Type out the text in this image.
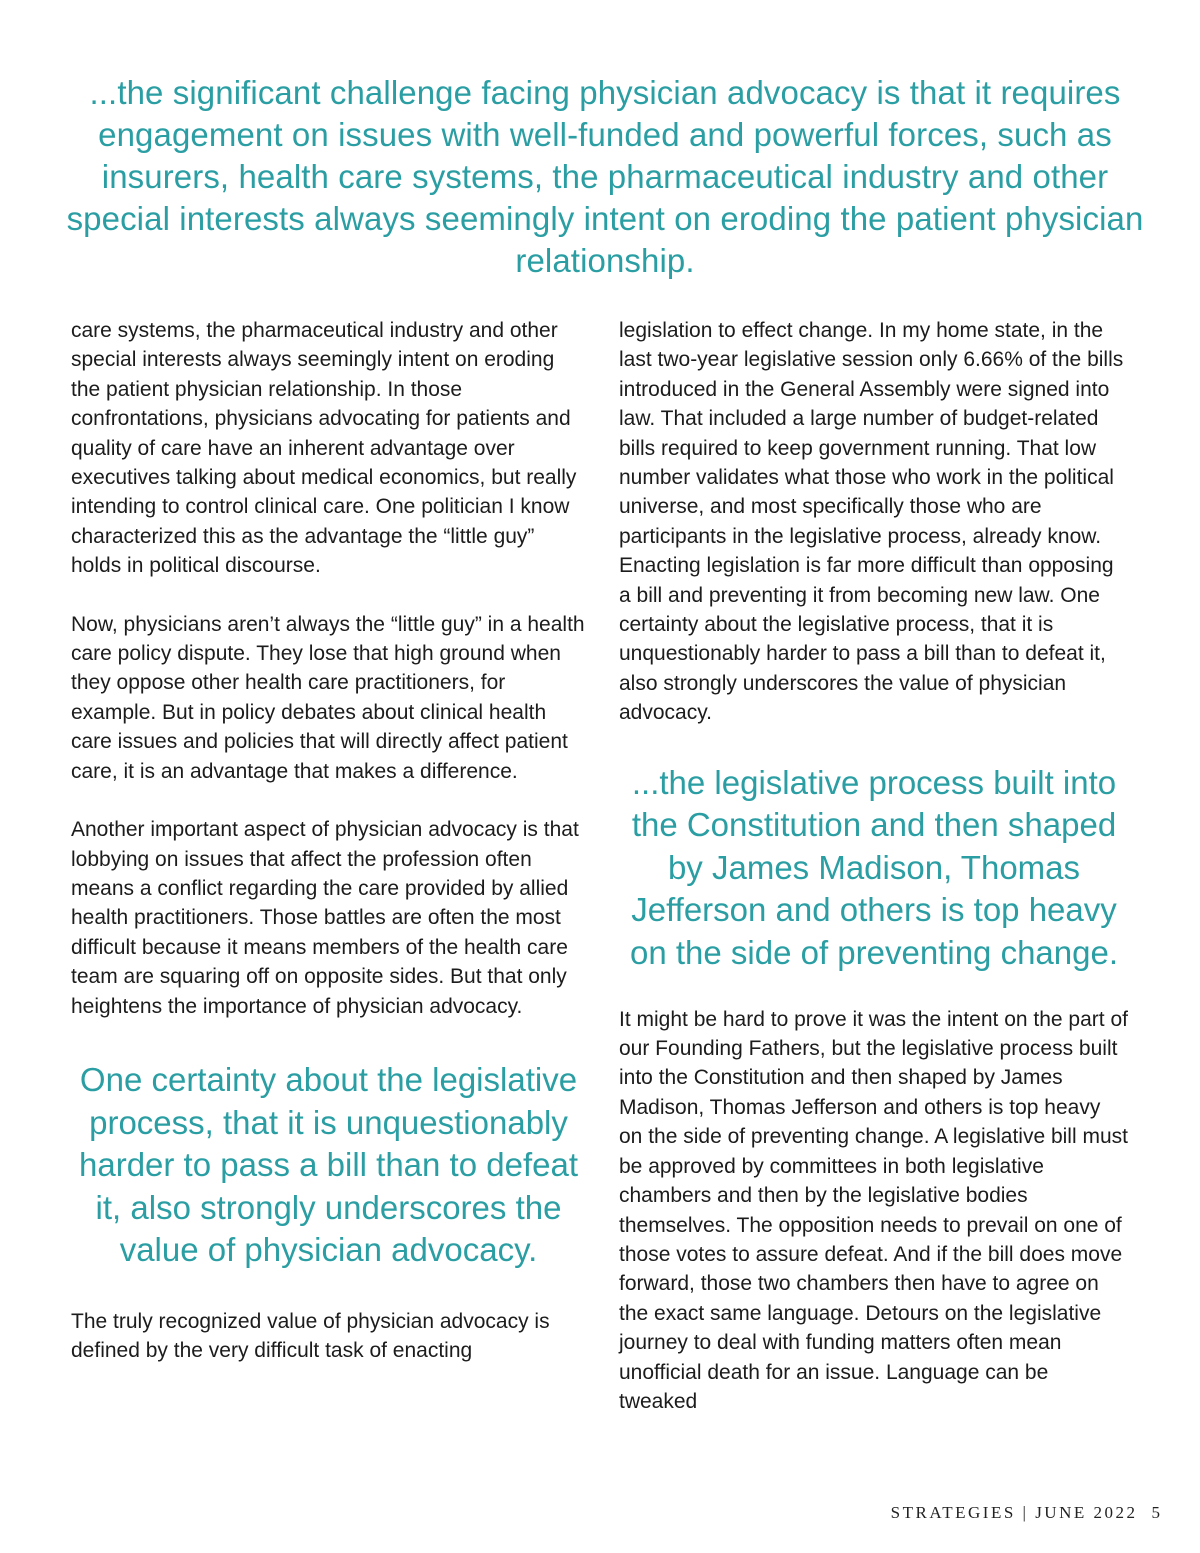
...the significant challenge facing physician advocacy is that it requires engagement on issues with well-funded and powerful forces, such as insurers, health care systems, the pharmaceutical industry and other special interests always seemingly intent on eroding the patient physician relationship.

care systems, the pharmaceutical industry and other special interests always seemingly intent on eroding the patient physician relationship. In those confrontations, physicians advocating for patients and quality of care have an inherent advantage over executives talking about medical economics, but really intending to control clinical care. One politician I know characterized this as the advantage the “little guy” holds in political discourse.

Now, physicians aren’t always the “little guy” in a health care policy dispute. They lose that high ground when they oppose other health care practitioners, for example. But in policy debates about clinical health care issues and policies that will directly affect patient care, it is an advantage that makes a difference.

Another important aspect of physician advocacy is that lobbying on issues that affect the profession often means a conflict regarding the care provided by allied health practitioners. Those battles are often the most difficult because it means members of the health care team are squaring off on opposite sides. But that only heightens the importance of physician advocacy.

One certainty about the legislative process, that it is unquestionably harder to pass a bill than to defeat it, also strongly underscores the value of physician advocacy.

The truly recognized value of physician advocacy is defined by the very difficult task of enacting

legislation to effect change. In my home state, in the last two-year legislative session only 6.66% of the bills introduced in the General Assembly were signed into law. That included a large number of budget-related bills required to keep government running. That low number validates what those who work in the political universe, and most specifically those who are participants in the legislative process, already know. Enacting legislation is far more difficult than opposing a bill and preventing it from becoming new law. One certainty about the legislative process, that it is unquestionably harder to pass a bill than to defeat it, also strongly underscores the value of physician advocacy.

...the legislative process built into the Constitution and then shaped by James Madison, Thomas Jefferson and others is top heavy on the side of preventing change.

It might be hard to prove it was the intent on the part of our Founding Fathers, but the legislative process built into the Constitution and then shaped by James Madison, Thomas Jefferson and others is top heavy on the side of preventing change. A legislative bill must be approved by committees in both legislative chambers and then by the legislative bodies themselves. The opposition needs to prevail on one of those votes to assure defeat. And if the bill does move forward, those two chambers then have to agree on the exact same language. Detours on the legislative journey to deal with funding matters often mean unofficial death for an issue. Language can be tweaked

STRATEGIES | JUNE 2022 5
